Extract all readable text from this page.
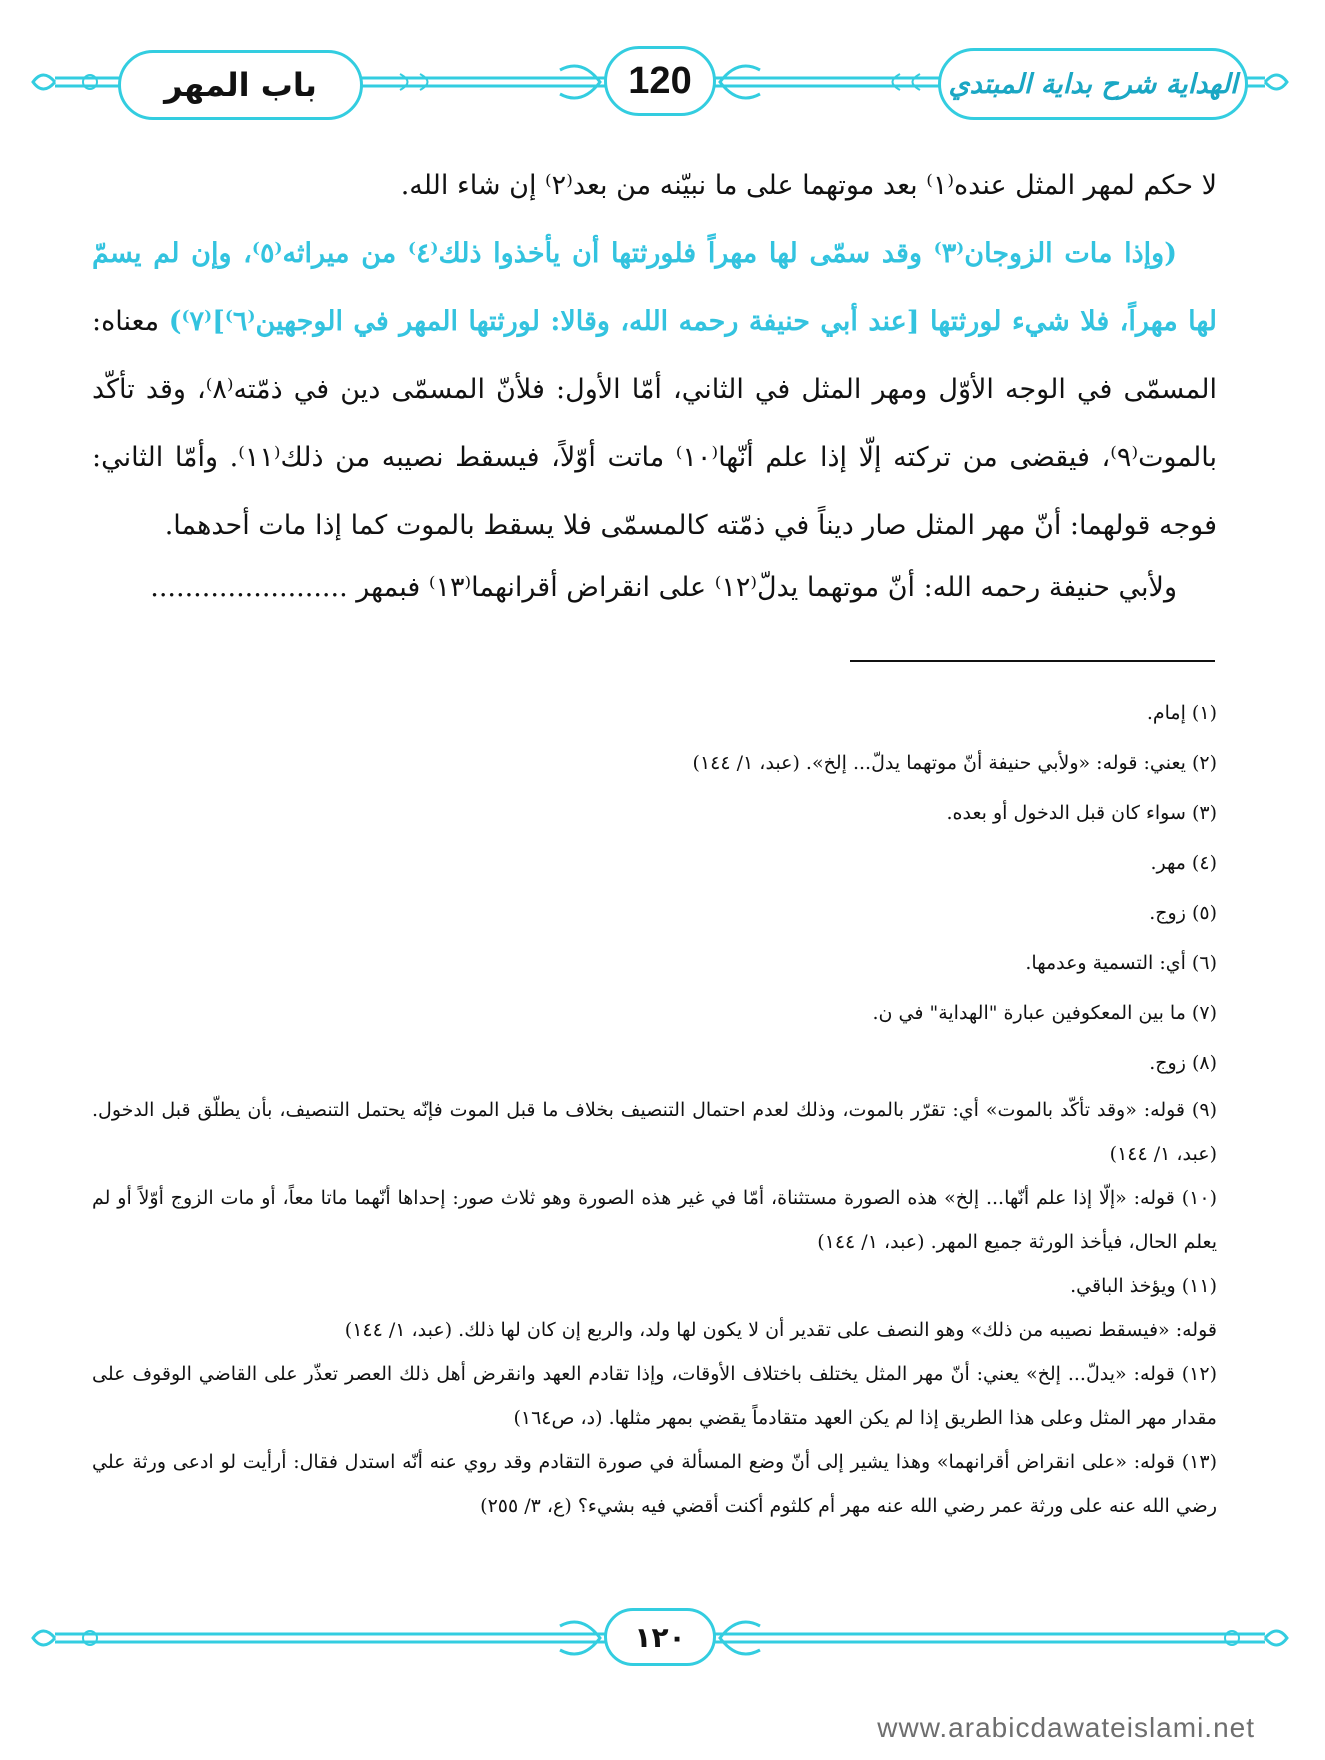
باب المهر	120	الهداية شرح بداية المبتدي

لا حكم لمهر المثل عنده⁽١⁾ بعد موتهما على ما نبيّنه من بعد⁽٢⁾ إن شاء الله.

(وإذا مات الزوجان⁽٣⁾ وقد سمّى لها مهراً فلورثتها أن يأخذوا ذلك⁽٤⁾ من ميراثه⁽٥⁾، وإن لم يسمّ لها مهراً، فلا شيء لورثتها [عند أبي حنيفة رحمه الله، وقالا: لورثتها المهر في الوجهين⁽٦⁾]⁽٧⁾) معناه: المسمّى في الوجه الأوّل ومهر المثل في الثاني، أمّا الأول: فلأنّ المسمّى دين في ذمّته⁽٨⁾، وقد تأكّد بالموت⁽٩⁾، فيقضى من تركته إلّا إذا علم أنّها⁽١٠⁾ ماتت أوّلاً، فيسقط نصيبه من ذلك⁽١١⁾. وأمّا الثاني: فوجه قولهما: أنّ مهر المثل صار ديناً في ذمّته كالمسمّى فلا يسقط بالموت كما إذا مات أحدهما.

ولأبي حنيفة رحمه الله: أنّ موتهما يدلّ⁽١٢⁾ على انقراض أقرانهما⁽١٣⁾ فبمهر .......................

(١) إمام.

(٢) يعني: قوله: «ولأبي حنيفة أنّ موتهما يدلّ... إلخ». (عبد، ١/ ١٤٤)

(٣) سواء كان قبل الدخول أو بعده.

(٤) مهر.

(٥) زوج.

(٦) أي: التسمية وعدمها.

(٧) ما بين المعكوفين عبارة "الهداية" في ن.

(٨) زوج.

(٩) قوله: «وقد تأكّد بالموت» أي: تقرّر بالموت، وذلك لعدم احتمال التنصيف بخلاف ما قبل الموت فإنّه يحتمل التنصيف، بأن يطلّق قبل الدخول. (عبد، ١/ ١٤٤)

(١٠) قوله: «إلّا إذا علم أنّها... إلخ» هذه الصورة مستثناة، أمّا في غير هذه الصورة وهو ثلاث صور: إحداها أنّهما ماتا معاً، أو مات الزوج أوّلاً أو لم يعلم الحال، فيأخذ الورثة جميع المهر. (عبد، ١/ ١٤٤)

(١١) ويؤخذ الباقي.

قوله: «فيسقط نصيبه من ذلك» وهو النصف على تقدير أن لا يكون لها ولد، والربع إن كان لها ذلك. (عبد، ١/ ١٤٤)

(١٢) قوله: «يدلّ... إلخ» يعني: أنّ مهر المثل يختلف باختلاف الأوقات، وإذا تقادم العهد وانقرض أهل ذلك العصر تعذّر على القاضي الوقوف على مقدار مهر المثل وعلى هذا الطريق إذا لم يكن العهد متقادماً يقضي بمهر مثلها. (د، ص١٦٤)

(١٣) قوله: «على انقراض أقرانهما» وهذا يشير إلى أنّ وضع المسألة في صورة التقادم وقد روي عنه أنّه استدل فقال: أرأيت لو ادعى ورثة علي رضي الله عنه على ورثة عمر رضي الله عنه مهر أم كلثوم أكنت أقضي فيه بشيء؟ (ع، ٣/ ٢٥٥)

١٢٠
www.arabicdawateislami.net
